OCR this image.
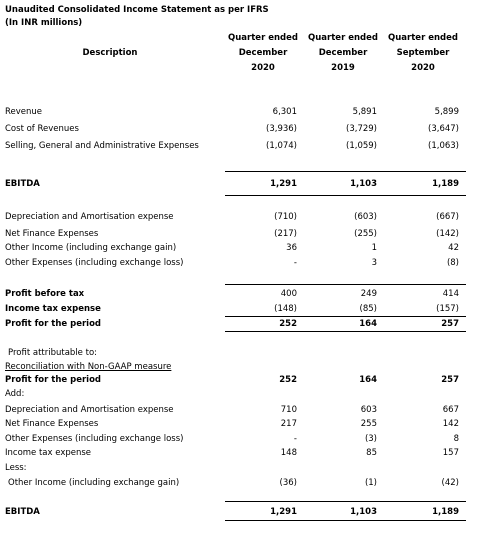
Unaudited Consolidated Income Statement as per IFRS
(In INR millions)
Description
Quarter ended
December
2020
Quarter ended
December
2019
Quarter ended
September
2020
Revenue	6,301	5,891	5,899
Cost of Revenues	(3,936)	(3,729)	(3,647)
Selling, General and Administrative Expenses	(1,074)	(1,059)	(1,063)
EBITDA	1,291	1,103	1,189
Depreciation and Amortisation expense	(710)	(603)	(667)
Net Finance Expenses	(217)	(255)	(142)
Other Income (including exchange gain)	36	1	42
Other Expenses (including exchange loss)	-	3	(8)
Profit before tax	400	249	414
Income tax expense	(148)	(85)	(157)
Profit for the period	252	164	257
Profit attributable to:
Reconciliation with Non-GAAP measure
Profit for the period	252	164	257
Add:
Depreciation and Amortisation expense	710	603	667
Net Finance Expenses	217	255	142
Other Expenses (including exchange loss)	-	(3)	8
Income tax expense	148	85	157
Less:
Other Income (including exchange gain)	(36)	(1)	(42)
EBITDA	1,291	1,103	1,189
